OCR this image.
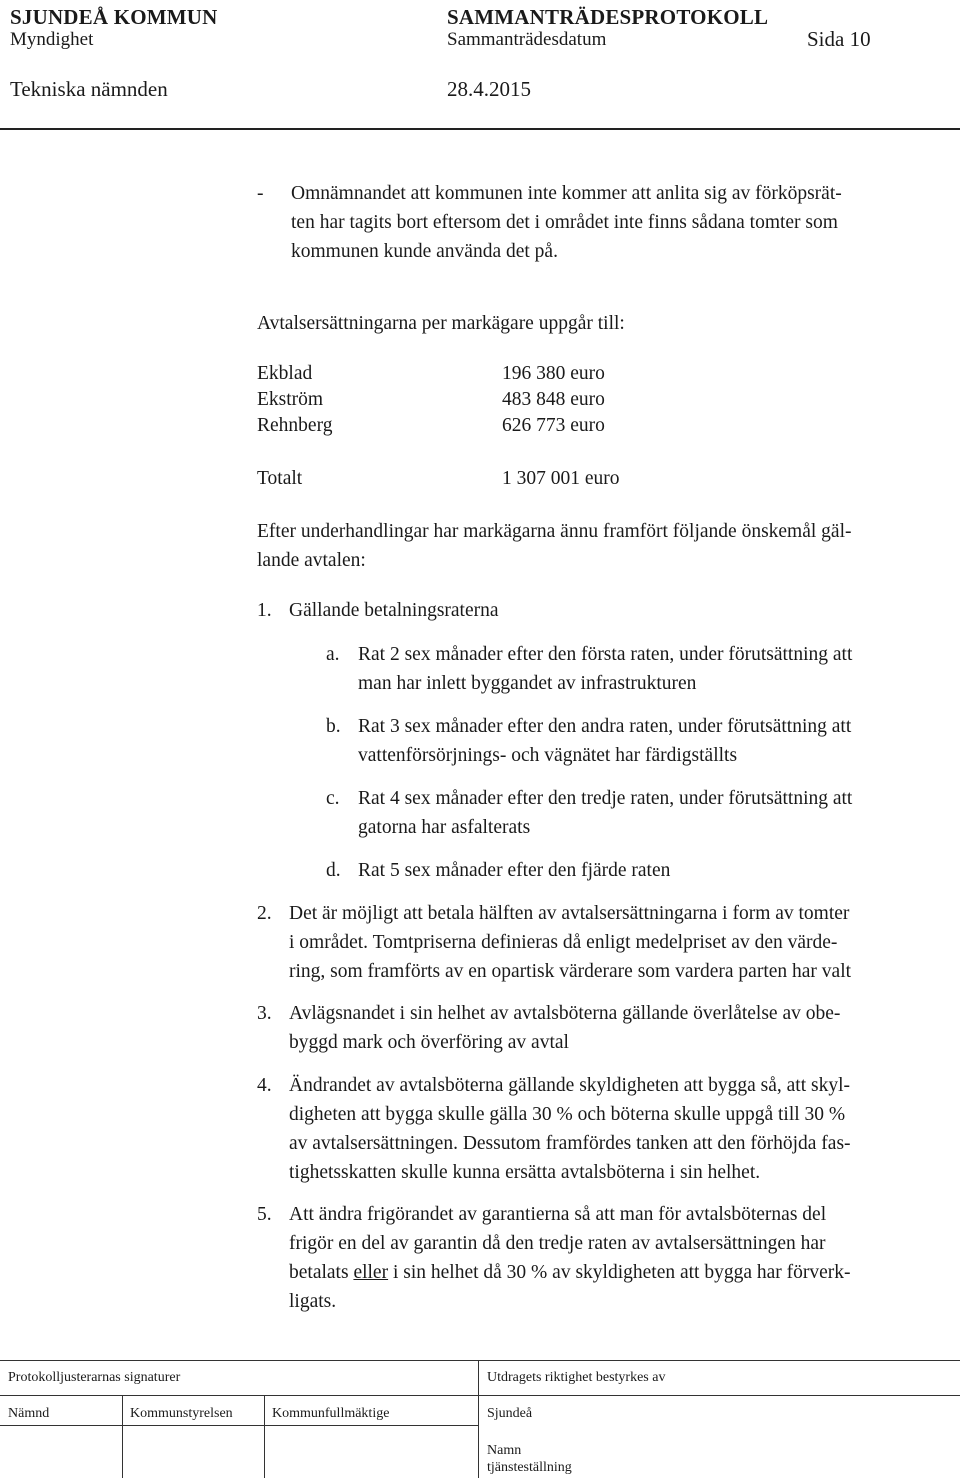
SJUNDEÅ KOMMUN	SAMMANTRÄDESPROTOKOLL
Myndighet	Sammanträdesdatum	Sida 10
Tekniska nämnden	28.4.2015
- Omnämnandet att kommunen inte kommer att anlita sig av förköpsrät-
ten har tagits bort eftersom det i området inte finns sådana tomter som
kommunen kunde använda det på.
Avtalsersättningarna per markägare uppgår till:
Ekblad	196 380 euro
Ekström	483 848 euro
Rehnberg	626 773 euro
Totalt	1 307 001 euro
Efter underhandlingar har markägarna ännu framfört följande önskemål gäl-
lande avtalen:
1. Gällande betalningsraterna
a. Rat 2 sex månader efter den första raten, under förutsättning att
man har inlett byggandet av infrastrukturen
b. Rat 3 sex månader efter den andra raten, under förutsättning att
vattenförsörjnings- och vägnätet har färdigställts
c. Rat 4 sex månader efter den tredje raten, under förutsättning att
gatorna har asfalterats
d. Rat 5 sex månader efter den fjärde raten
2. Det är möjligt att betala hälften av avtalsersättningarna i form av tomter
i området. Tomtpriserna definieras då enligt medelpriset av den värde-
ring, som framförts av en opartisk värderare som vardera parten har valt
3. Avlägsnandet i sin helhet av avtalsböterna gällande överlåtelse av obe-
byggd mark och överföring av avtal
4. Ändrandet av avtalsböterna gällande skyldigheten att bygga så, att skyl-
digheten att bygga skulle gälla 30 % och böterna skulle uppgå till 30 %
av avtalsersättningen. Dessutom framfördes tanken att den förhöjda fas-
tighetsskatten skulle kunna ersätta avtalsböterna i sin helhet.
5. Att ändra frigörandet av garantierna så att man för avtalsböternas del
frigör en del av garantin då den tredje raten av avtalsersättningen har
betalats eller i sin helhet då 30 % av skyldigheten att bygga har förverk-
ligats.
Protokolljusterarnas signaturer	Utdragets riktighet bestyrkes av
Nämnd	Kommunstyrelsen	Kommunfullmäktige	Sjundeå
Namn
tjänsteställning
